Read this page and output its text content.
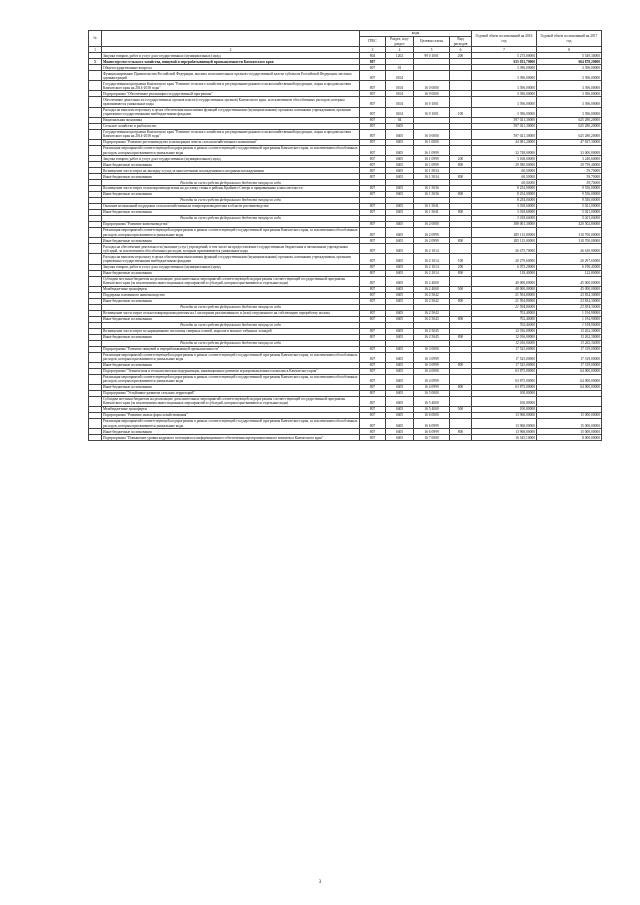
№		коды				Годовой объем ассигнований на 2016 год	Годовой объем ассигнований на 2017 год
		ГРБС	Раздел, под-раздел	Целевая статья	Вид расходов		
1	2	3	4	5	6	7	8
	Закупка товаров, работ и услуг для государственных (муниципальных) нужд	804	1202	99 0 1001	200	5 275,00000	5 549,30000
5	Министерство сельского хозяйства, пищевой и перерабатывающей промышленности Камчатского края	807				635 033,70000	664 878,20000
	Общегосударственные вопросы	807	01			3 396,00000	3 396,00000
	Функционирование Правительства Российской Федерации, высших исполнительных органов государственной власти субъектов Российской Федерации, местных администраций	807	0104			3 396,00000	3 396,00000
	Государственная программа Камчатского края "Развитие сельского хозяйства и регулирование рынков сельскохозяйственной продукции, сырья и продовольствия Камчатского края на 2014-2018 годы"	807	0104	16 0 0000		3 396,00000	3 396,00000
	Подпрограмма "Обеспечение реализации государственной программы"	807	0104	16 9 0000		3 396,00000	3 396,00000
	Обеспечение деятельности государственных органов власти (государственных органов) Камчатского края, за исключением обособленных расходов, которым присваиваются уникальные коды	807	0104	16 9 1001		3 396,00000	3 396,00000
	Расходы на выплаты персоналу в целях обеспечения выполнения функций государственными (муниципальными) органами, казенными учреждениями, органами управления государственными внебюджетными фондами	807	0104	16 9 1001	100	3 396,00000	3 396,00000
	Национальная экономика	807	04			597 021,30000	625 280,20000
	Сельское хозяйство и рыболовство	807	0405			597 021,30000	625 280,20000
	Государственная программа Камчатского края "Развитие сельского хозяйства и регулирование рынков сельскохозяйственной продукции, сырья и продовольствия Камчатского края на 2014-2018 годы"	807	0405	16 0 0000		597 021,30000	625 280,20000
	Подпрограмма "Развитие растениеводства и мелиорации земель сельскохозяйственного назначения"	807	0405	16 1 0000		44 081,20000	47 637,30000
	Реализация мероприятий соответствующей подпрограммы в рамках соответствующей государственной программы Камчатского края, за исключением обособленных расходов, которым присваиваются уникальные коды	807	0405	16 1 0999		32 748,00000	33 000,00000
	Закупка товаров, работ и услуг для государственных (муниципальных) нужд	807	0405	16 1 0999	200	3 168,00000	3 240,60000
	Иные бюджетные ассигнования	807	0405	16 1 0999	800	29 580,00000	29 759,40000
	Возмещение части затрат на закладку и уход за многолетними насаждениями и ягодными насаждениями	807	0405	16 1 5034		60,50000	59,70000
	Иные бюджетные ассигнования	807	0405	16 1 5034	800	60,50000	59,70000
	Расходы за счет средств федерального бюджета текущего года					60,50000	59,70000
	Возмещение части затрат сельхозпроизводителям на доставку семян в районы Крайнего Севера и приравненные к ним местности	807	0405	16 1 5036		8 254,00000	9 556,00000
	Иные бюджетные ассигнования	807	0405	16 1 5036	800	8 254,00000	9 556,00000
	Расходы за счет средств федерального бюджета текущего года					8 254,00000	9 556,00000
	Оказание несвязанной поддержки сельскохозяйственным товаропроизводителям в области растениеводства	807	0405	16 1 5041		3 018,60000	5 021,00000
	Иные бюджетные ассигнования	807	0405	16 1 5041	800	3 018,60000	5 021,00000
	Расходы за счет средств федерального бюджета текущего года					3 018,60000	5 021,00000
	Подпрограмма "Развитие животноводства"	807	0405	16 2 0000		388 001,30000	420 502,80000
	Реализация мероприятий соответствующей подпрограммы в рамках соответствующей государственной программы Камчатского края, за исключением обособленных расходов, которым присваиваются уникальные коды	807	0405	16 2 0999		285 115,00000	310 700,00000
	Иные бюджетные ассигнования	807	0405	16 2 0999	800	285 115,00000	310 700,00000
	Расходы на обеспечение деятельности (оказание услуг) учреждений, в том числе на предоставление государственным бюджетным и автономным учреждениям субсидий, за исключением обособленных расходов, которым присваиваются уникальные коды	807	0405	16 2 1014		26 475,70000	26 610,90000
	Расходы на выплаты персоналу в целях обеспечения выполнения функций государственными (муниципальными) органами, казенными учреждениями, органами управления государственными внебюджетными фондами	807	0405	16 2 1014	100	20 279,60000	20 297,65000
	Закупка товаров, работ и услуг для государственных (муниципальных) нужд	807	0405	16 2 1014	200	6 075,20000	6 190,45000
	Иные бюджетные ассигнования	807	0405	16 2 1014	800	118,40000	122,80000
	Субсидии местным бюджетам на реализацию дополнительных мероприятий соответствующей подпрограммы соответствующей государственной программы Камчатского края (за исключением инвестиционных мероприятий и субсидий, которым присваиваются отдельные коды)	807	0405	16 2 4000		40 000,00000	45 000,00000
	Межбюджетные трансферты	807	0405	16 2 4000	500	40 000,00000	45 000,00000
	Поддержка племенного животноводства	807	0405	16 2 5042		21 594,80000	23 834,30000
	Иные бюджетные ассигнования	807	0405	16 2 5042	800	21 594,80000	23 834,30000
	Расходы за счет средств федерального бюджета текущего года					21 594,80000	23 834,30000
	Возмещение части затрат сельхозтоваропроизводителям на 1 килограмм реализованного и (или) отгруженного на собственную переработку молока	807	0405	16 2 5043		702,40000	1 194,90000
	Иные бюджетные ассигнования	807	0405	16 2 5043	800	702,40000	1 194,90000
	Расходы за счет средств федерального бюджета текущего года					702,40000	1 194,90000
	Возмещение части затрат по наращиванию поголовья северных оленей, маралов и мясных табунных лошадей	807	0405	16 2 5045		12 016,00000	13 262,30000
	Иные бюджетные ассигнования	807	0405	16 2 5045	800	12 016,00000	13 262,30000
	Расходы за счет средств федерального бюджета текущего года					12 016,00000	13 262,30000
	Подпрограмма "Развитие пищевой и перерабатывающей промышленности"	807	0405	16 3 0000		17 525,00000	17 319,00000
	Реализация мероприятий соответствующей подпрограммы в рамках соответствующей государственной программы Камчатского края, за исключением обособленных расходов, которым присваиваются уникальные коды	807	0405	16 3 0999		17 525,00000	17 319,00000
	Иные бюджетные ассигнования	807	0405	16 3 0999	800	17 525,00000	17 319,00000
	Подпрограмма "Техническая и технологическая модернизация, инновационное развитие агропромышленного комплекса Камчатского края"	807	0405	16 4 0000		63 875,00000	64 000,00000
	Реализация мероприятий соответствующей подпрограммы в рамках соответствующей государственной программы Камчатского края, за исключением обособленных расходов, которым присваиваются уникальные коды	807	0405	16 4 0999		63 875,00000	64 000,00000
	Иные бюджетные ассигнования	807	0405	16 4 0999	800	63 875,00000	64 000,00000
	Подпрограмма "Устойчивое развитие сельских территорий"	807	0405	16 5 0000		100,00000	
	Субсидии местным бюджетам на реализацию дополнительных мероприятий соответствующей подпрограммы соответствующей государственной программы Камчатского края (за исключением инвестиционных мероприятий и субсидий, которым присваиваются отдельные коды)	807	0405	16 5 4000		100,00000	
	Межбюджетные трансферты	807	0405	16 5 4000	500	100,00000	
	Подпрограмма "Развитие малых форм хозяйствования"	807	0405	16 6 0000		13 968,00000	15 000,00000
	Реализация мероприятий соответствующей подпрограммы в рамках соответствующей государственной программы Камчатского края, за исключением обособленных расходов, которым присваиваются уникальные коды	807	0405	16 6 0999		13 968,00000	15 000,00000
	Иные бюджетные ассигнования	807	0405	16 6 0999	800	13 968,00000	15 000,00000
	Подпрограмма "Повышение уровня кадрового потенциала и информационного обеспечения агропромышленного комплекса Камчатского края"	807	0405	16 7 0000		16 545,10000	8 000,00000
3
